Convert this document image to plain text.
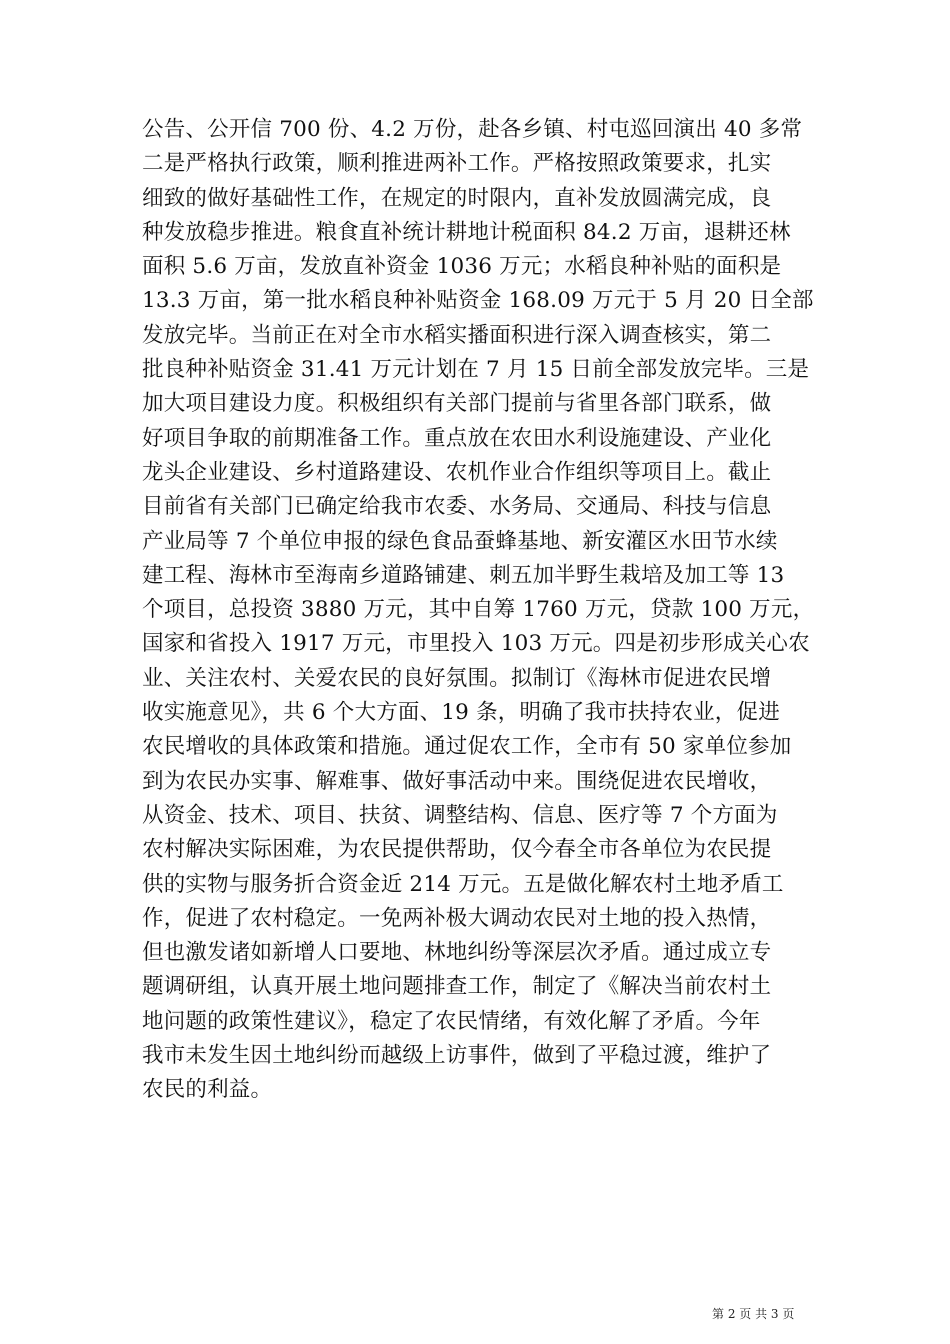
公告、公开信 700 份、4.2 万份，赴各乡镇、村屯巡回演出 40 多常
二是严格执行政策，顺利推进两补工作。严格按照政策要求，扎实
细致的做好基础性工作，在规定的时限内，直补发放圆满完成，良
种发放稳步推进。粮食直补统计耕地计税面积 84.2 万亩，退耕还林
面积 5.6 万亩，发放直补资金 1036 万元；水稻良种补贴的面积是
13.3 万亩，第一批水稻良种补贴资金 168.09 万元于 5 月 20 日全部
发放完毕。当前正在对全市水稻实播面积进行深入调查核实，第二
批良种补贴资金 31.41 万元计划在 7 月 15 日前全部发放完毕。三是
加大项目建设力度。积极组织有关部门提前与省里各部门联系，做
好项目争取的前期准备工作。重点放在农田水利设施建设、产业化
龙头企业建设、乡村道路建设、农机作业合作组织等项目上。截止
目前省有关部门已确定给我市农委、水务局、交通局、科技与信息
产业局等 7 个单位申报的绿色食品蚕蜂基地、新安灌区水田节水续
建工程、海林市至海南乡道路铺建、刺五加半野生栽培及加工等 13
个项目，总投资 3880 万元，其中自筹 1760 万元，贷款 100 万元，
国家和省投入 1917 万元，市里投入 103 万元。四是初步形成关心农
业、关注农村、关爱农民的良好氛围。拟制订《海林市促进农民增
收实施意见》，共 6 个大方面、19 条，明确了我市扶持农业，促进
农民增收的具体政策和措施。通过促农工作，全市有 50 家单位参加
到为农民办实事、解难事、做好事活动中来。围绕促进农民增收，
从资金、技术、项目、扶贫、调整结构、信息、医疗等 7 个方面为
农村解决实际困难，为农民提供帮助，仅今春全市各单位为农民提
供的实物与服务折合资金近 214 万元。五是做化解农村土地矛盾工
作，促进了农村稳定。一免两补极大调动农民对土地的投入热情，
但也激发诸如新增人口要地、林地纠纷等深层次矛盾。通过成立专
题调研组，认真开展土地问题排查工作，制定了《解决当前农村土
地问题的政策性建议》，稳定了农民情绪，有效化解了矛盾。今年
我市未发生因土地纠纷而越级上访事件，做到了平稳过渡，维护了
农民的利益。
第 2 页 共 3 页
